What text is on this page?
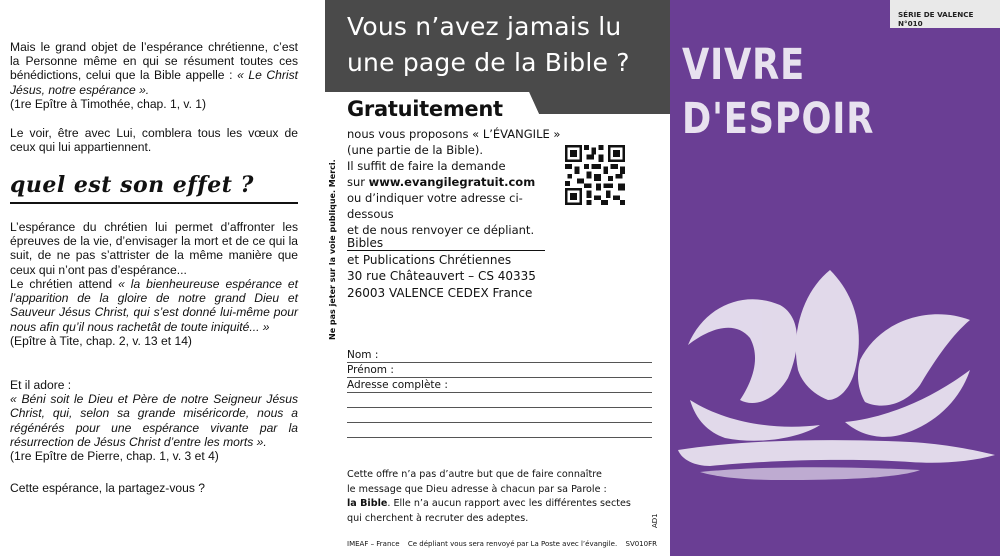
Mais le grand objet de l’espérance chrétienne, c’est la Personne même en qui se résument toutes ces bénédictions, celui que la Bible appelle : « Le Christ Jésus, notre espérance ».
(1re Epître à Timothée, chap. 1, v. 1)
Le voir, être avec Lui, comblera tous les vœux de ceux qui lui appartiennent.
quel est son effet ?
L’espérance du chrétien lui permet d’affronter les épreuves de la vie, d’envisager la mort et de ce qui la suit, de ne pas s’attrister de la même manière que ceux qui n’ont pas d’espérance...
Le chrétien attend « la bienheureuse espérance et l’apparition de la gloire de notre grand Dieu et Sauveur Jésus Christ, qui s’est donné lui-même pour nous afin qu’il nous rachetât de toute iniquité... »
(Epître à Tite, chap. 2, v. 13 et 14)
Et il adore :
« Béni soit le Dieu et Père de notre Seigneur Jésus Christ, qui, selon sa grande miséricorde, nous a régénérés pour une espérance vivante par la résurrection de Jésus Christ d’entre les morts ».
(1re Epître de Pierre, chap. 1, v. 3 et 4)
Cette espérance, la partagez-vous ?
Vous n’avez jamais lu
une page de la Bible ?
Gratuitement
nous vous proposons « L’ÉVANGILE »
(une partie de la Bible).
Il suffit de faire la demande
sur www.evangilegratuit.com
ou d’indiquer votre adresse ci-dessous
et de nous renvoyer ce dépliant.
Bibles
et Publications Chrétiennes
30 rue Châteauvert – CS 40335
26003 VALENCE CEDEX France
Nom :
Prénom :
Adresse complète :
Cette offre n’a pas d’autre but que de faire connaître
le message que Dieu adresse à chacun par sa Parole :
la Bible. Elle n’a aucun rapport avec les différentes sectes
qui cherchent à recruter des adeptes.
IMEAF – France Ce dépliant vous sera renvoyé par La Poste avec l’évangile. SV010FR
Ne pas jeter sur la voie publique. Merci.
AD1
SÉRIE DE VALENCE N°010
VIVRE
D'ESPOIR
